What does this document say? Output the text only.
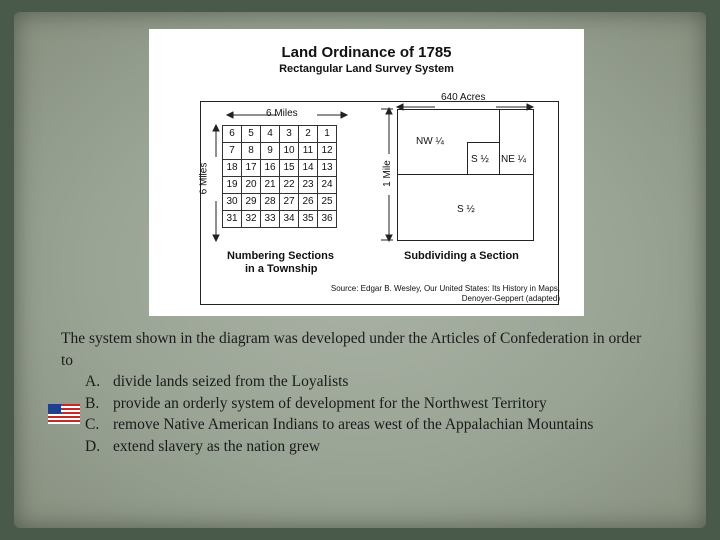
Land Ordinance of 1785
Rectangular Land Survey System
6 Miles
6 Miles
6	5	4	3	2	1
7	8	9	10	11	12
18	17	16	15	14	13
19	20	21	22	23	24
30	29	28	27	26	25
31	32	33	34	35	36
Numbering Sections
in a Township
640 Acres
1 Mile
NW ¼
S ½ NE ¼
S ½
Subdividing a Section
Source: Edgar B. Wesley, Our United States: Its History in Maps,
Denoyer-Geppert (adapted)

The system shown in the diagram was developed under the Articles of Confederation in order to

A. divide lands seized from the Loyalists
B. provide an orderly system of development for the Northwest Territory
C. remove Native American Indians to areas west of the Appalachian Mountains
D. extend slavery as the nation grew
